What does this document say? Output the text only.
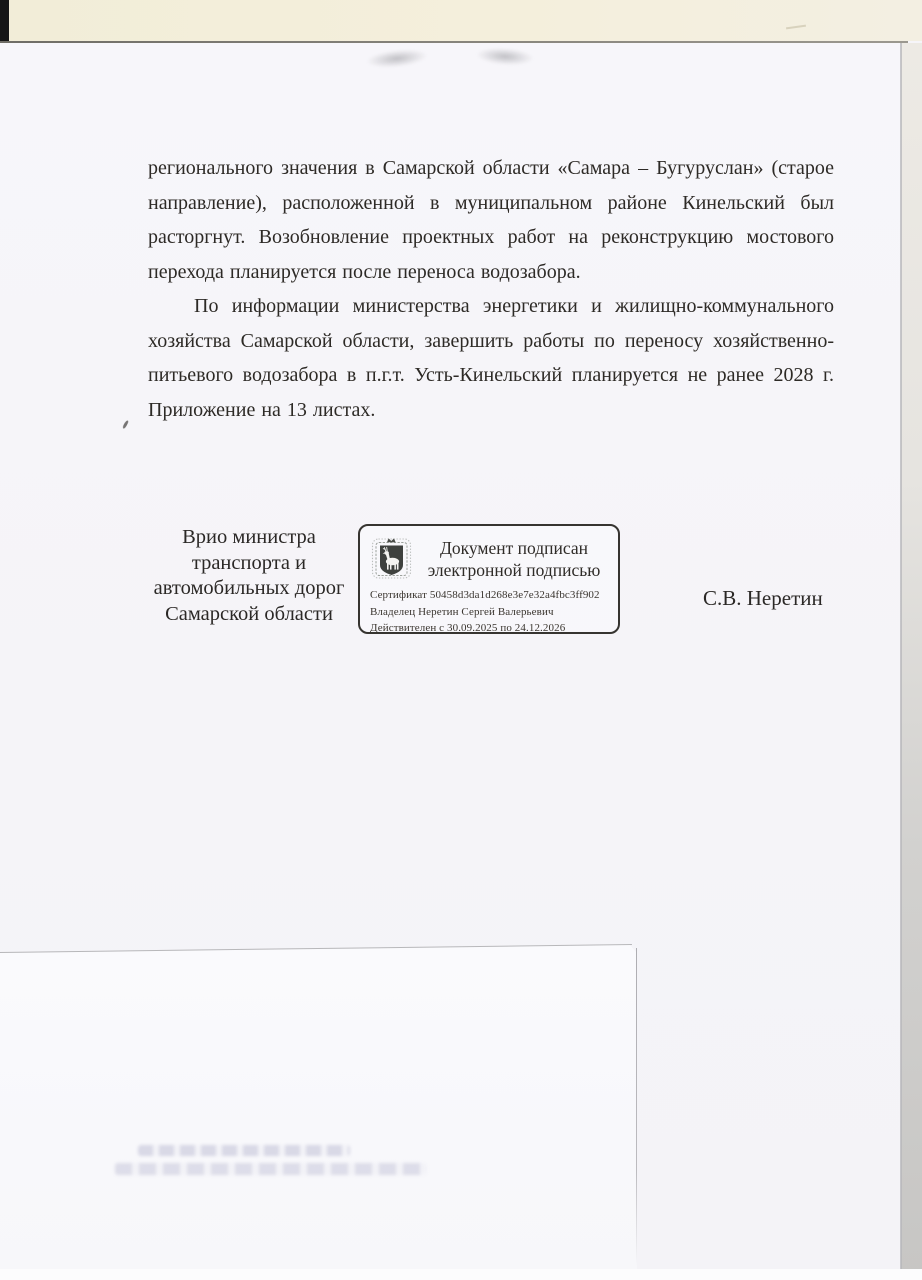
регионального значения в Самарской области «Самара – Бугуруслан» (старое
направление), расположенной в муниципальном районе Кинельский был
расторгнут. Возобновление проектных работ на реконструкцию мостового
перехода планируется после переноса водозабора.
По информации министерства энергетики и жилищно-коммунального
хозяйства Самарской области, завершить работы по переносу хозяйственно-
питьевого водозабора в п.г.т. Усть-Кинельский планируется не ранее 2028 г.
Приложение на 13 листах.
Врио министра
транспорта и
автомобильных дорог
Самарской области
Документ подписан
электронной подписью
Сертификат 50458d3da1d268e3e7e32a4fbc3ff902
Владелец Неретин Сергей Валерьевич
Действителен с 30.09.2025 по 24.12.2026
С.В. Неретин
